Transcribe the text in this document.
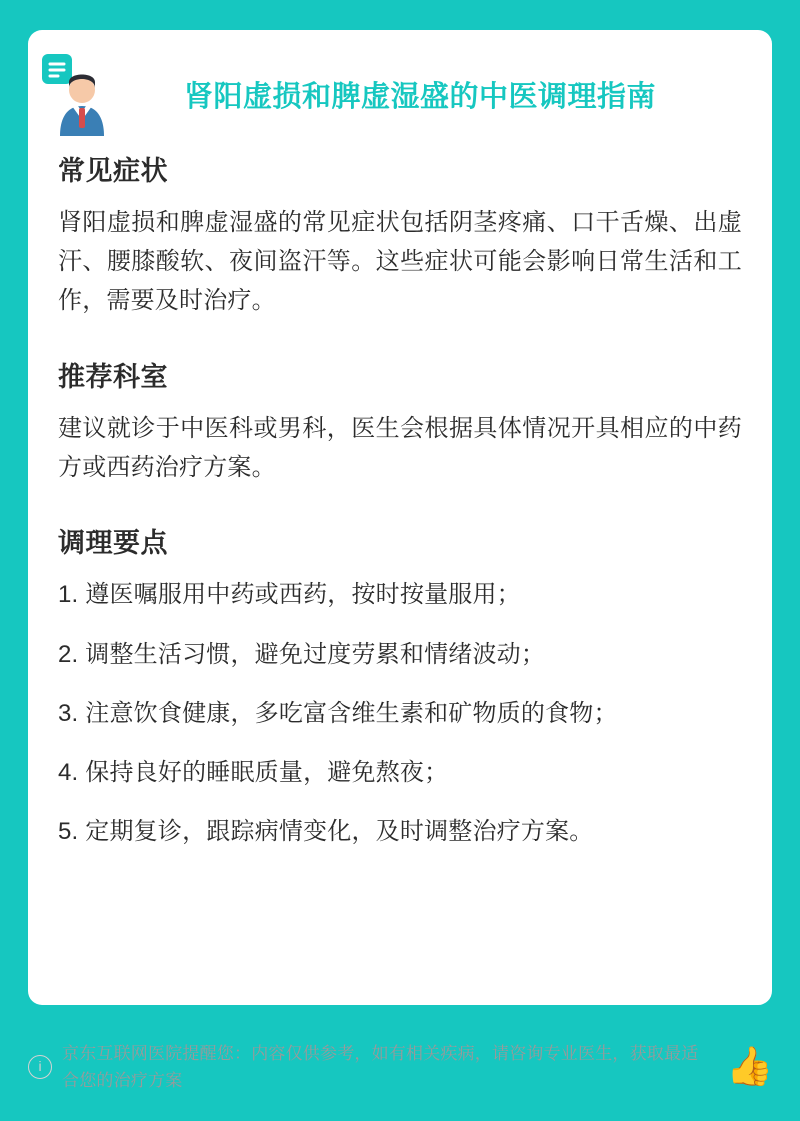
肾阳虚损和脾虚湿盛的中医调理指南
常见症状

肾阳虚损和脾虚湿盛的常见症状包括阴茎疼痛、口干舌燥、出虚汗、腰膝酸软、夜间盗汗等。这些症状可能会影响日常生活和工作，需要及时治疗。

推荐科室

建议就诊于中医科或男科，医生会根据具体情况开具相应的中药方或西药治疗方案。

调理要点
1. 遵医嘱服用中药或西药，按时按量服用；
2. 调整生活习惯，避免过度劳累和情绪波动；
3. 注意饮食健康，多吃富含维生素和矿物质的食物；
4. 保持良好的睡眠质量，避免熬夜；
5. 定期复诊，跟踪病情变化，及时调整治疗方案。
i
京东互联网医院提醒您：内容仅供参考，如有相关疾病，请咨询专业医生，获取最适合您的治疗方案	👍
